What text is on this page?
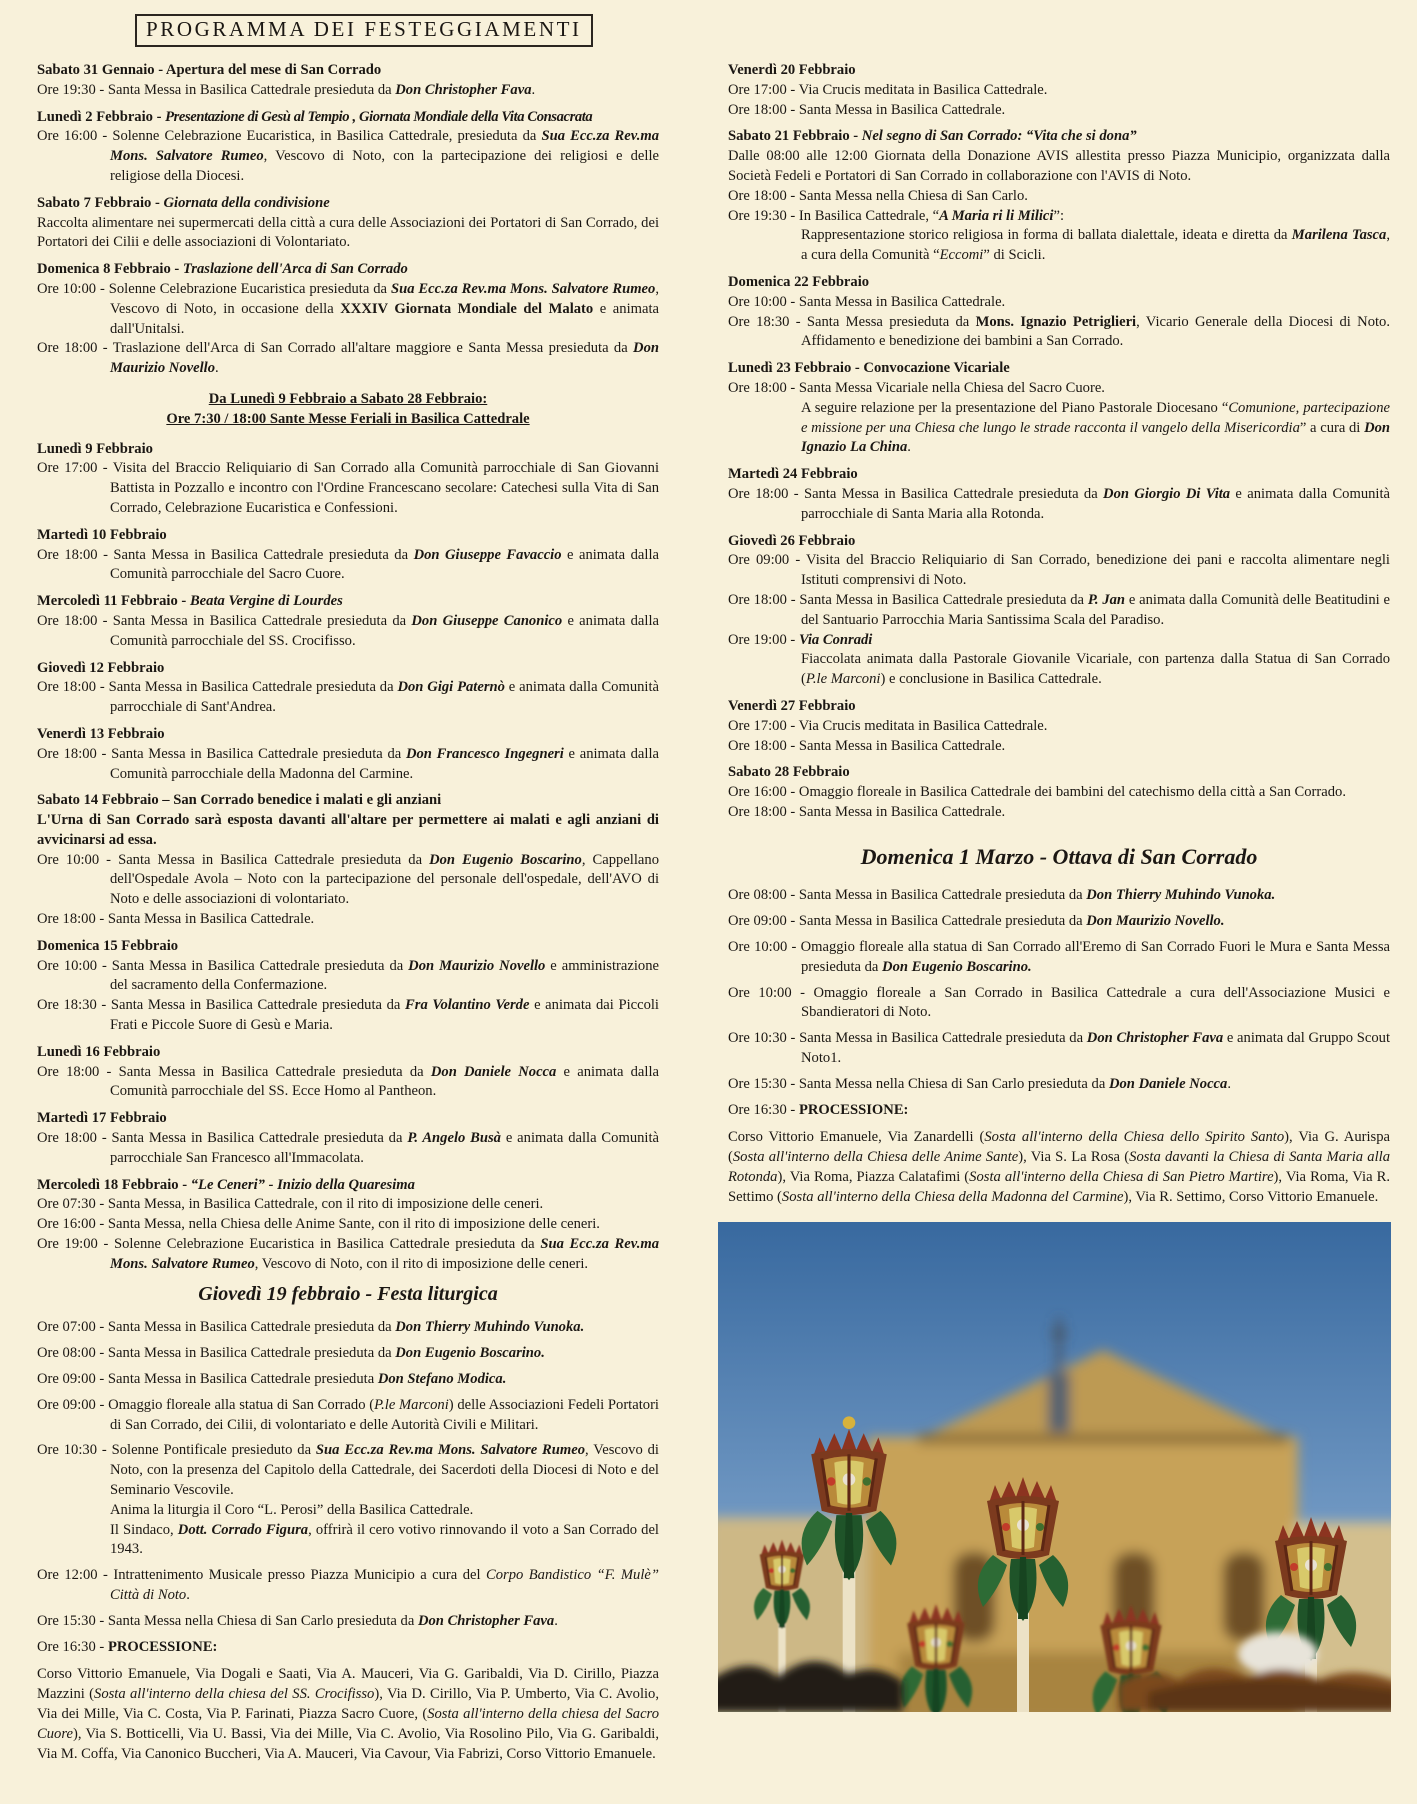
PROGRAMMA DEI FESTEGGIAMENTI
Sabato 31 Gennaio - Apertura del mese di San Corrado
Ore 19:30 - Santa Messa in Basilica Cattedrale presieduta da Don Christopher Fava.
Lunedì 2 Febbraio - Presentazione di Gesù al Tempio , Giornata Mondiale della Vita Consacrata
Ore 16:00 - Solenne Celebrazione Eucaristica, in Basilica Cattedrale, presieduta da Sua Ecc.za Rev.ma Mons. Salvatore Rumeo, Vescovo di Noto, con la partecipazione dei religiosi e delle religiose della Diocesi.
Sabato 7 Febbraio - Giornata della condivisione
Raccolta alimentare nei supermercati della città a cura delle Associazioni dei Portatori di San Corrado, dei Portatori dei Cilii e delle associazioni di Volontariato.
Domenica 8 Febbraio - Traslazione dell'Arca di San Corrado
Ore 10:00 - Solenne Celebrazione Eucaristica presieduta da Sua Ecc.za Rev.ma Mons. Salvatore Rumeo, Vescovo di Noto, in occasione della XXXIV Giornata Mondiale del Malato e animata dall'Unitalsi.
Ore 18:00 - Traslazione dell'Arca di San Corrado all'altare maggiore e Santa Messa presieduta da Don Maurizio Novello.
Da Lunedì 9 Febbraio a Sabato 28 Febbraio:
Ore 7:30 / 18:00 Sante Messe Feriali in Basilica Cattedrale
Lunedì 9 Febbraio
Ore 17:00 - Visita del Braccio Reliquiario di San Corrado alla Comunità parrocchiale di San Giovanni Battista in Pozzallo e incontro con l'Ordine Francescano secolare: Catechesi sulla Vita di San Corrado, Celebrazione Eucaristica e Confessioni.
Martedì 10 Febbraio
Ore 18:00 - Santa Messa in Basilica Cattedrale presieduta da Don Giuseppe Favaccio e animata dalla Comunità parrocchiale del Sacro Cuore.
Mercoledì 11 Febbraio - Beata Vergine di Lourdes
Ore 18:00 - Santa Messa in Basilica Cattedrale presieduta da Don Giuseppe Canonico e animata dalla Comunità parrocchiale del SS. Crocifisso.
Giovedì 12 Febbraio
Ore 18:00 - Santa Messa in Basilica Cattedrale presieduta da Don Gigi Paternò e animata dalla Comunità parrocchiale di Sant'Andrea.
Venerdì 13 Febbraio
Ore 18:00 - Santa Messa in Basilica Cattedrale presieduta da Don Francesco Ingegneri e animata dalla Comunità parrocchiale della Madonna del Carmine.
Sabato 14 Febbraio – San Corrado benedice i malati e gli anziani
L'Urna di San Corrado sarà esposta davanti all'altare per permettere ai malati e agli anziani di avvicinarsi ad essa.
Ore 10:00 - Santa Messa in Basilica Cattedrale presieduta da Don Eugenio Boscarino, Cappellano dell'Ospedale Avola – Noto con la partecipazione del personale dell'ospedale, dell'AVO di Noto e delle associazioni di volontariato.
Ore 18:00 - Santa Messa in Basilica Cattedrale.
Domenica 15 Febbraio
Ore 10:00 - Santa Messa in Basilica Cattedrale presieduta da Don Maurizio Novello e amministrazione del sacramento della Confermazione.
Ore 18:30 - Santa Messa in Basilica Cattedrale presieduta da Fra Volantino Verde e animata dai Piccoli Frati e Piccole Suore di Gesù e Maria.
Lunedì 16 Febbraio
Ore 18:00 - Santa Messa in Basilica Cattedrale presieduta da Don Daniele Nocca e animata dalla Comunità parrocchiale del SS. Ecce Homo al Pantheon.
Martedì 17 Febbraio
Ore 18:00 - Santa Messa in Basilica Cattedrale presieduta da P. Angelo Busà e animata dalla Comunità parrocchiale San Francesco all'Immacolata.
Mercoledì 18 Febbraio - “Le Ceneri” - Inizio della Quaresima
Ore 07:30 - Santa Messa, in Basilica Cattedrale, con il rito di imposizione delle ceneri.
Ore 16:00 - Santa Messa, nella Chiesa delle Anime Sante, con il rito di imposizione delle ceneri.
Ore 19:00 - Solenne Celebrazione Eucaristica in Basilica Cattedrale presieduta da Sua Ecc.za Rev.ma Mons. Salvatore Rumeo, Vescovo di Noto, con il rito di imposizione delle ceneri.
Giovedì 19 febbraio - Festa liturgica
Ore 07:00 - Santa Messa in Basilica Cattedrale presieduta da Don Thierry Muhindo Vunoka.
Ore 08:00 - Santa Messa in Basilica Cattedrale presieduta da Don Eugenio Boscarino.
Ore 09:00 - Santa Messa in Basilica Cattedrale presieduta Don Stefano Modica.
Ore 09:00 - Omaggio floreale alla statua di San Corrado (P.le Marconi) delle Associazioni Fedeli Portatori di San Corrado, dei Cilii, di volontariato e delle Autorità Civili e Militari.
Ore 10:30 - Solenne Pontificale presieduto da Sua Ecc.za Rev.ma Mons. Salvatore Rumeo, Vescovo di Noto, con la presenza del Capitolo della Cattedrale, dei Sacerdoti della Diocesi di Noto e del Seminario Vescovile.
Anima la liturgia il Coro “L. Perosi” della Basilica Cattedrale.
Il Sindaco, Dott. Corrado Figura, offrirà il cero votivo rinnovando il voto a San Corrado del 1943.
Ore 12:00 - Intrattenimento Musicale presso Piazza Municipio a cura del Corpo Bandistico “F. Mulè” Città di Noto.
Ore 15:30 - Santa Messa nella Chiesa di San Carlo presieduta da Don Christopher Fava.
Ore 16:30 - PROCESSIONE:
Corso Vittorio Emanuele, Via Dogali e Saati, Via A. Mauceri, Via G. Garibaldi, Via D. Cirillo, Piazza Mazzini (Sosta all'interno della chiesa del SS. Crocifisso), Via D. Cirillo, Via P. Umberto, Via C. Avolio, Via dei Mille, Via C. Costa, Via P. Farinati, Piazza Sacro Cuore, (Sosta all'interno della chiesa del Sacro Cuore), Via S. Botticelli, Via U. Bassi, Via dei Mille, Via C. Avolio, Via Rosolino Pilo, Via G. Garibaldi, Via M. Coffa, Via Canonico Buccheri, Via A. Mauceri, Via Cavour, Via Fabrizi, Corso Vittorio Emanuele.
Venerdì 20 Febbraio
Ore 17:00 - Via Crucis meditata in Basilica Cattedrale.
Ore 18:00 - Santa Messa in Basilica Cattedrale.
Sabato 21 Febbraio - Nel segno di San Corrado: “Vita che si dona”
Dalle 08:00 alle 12:00 Giornata della Donazione AVIS allestita presso Piazza Municipio, organizzata dalla Società Fedeli e Portatori di San Corrado in collaborazione con l'AVIS di Noto.
Ore 18:00 - Santa Messa nella Chiesa di San Carlo.
Ore 19:30 - In Basilica Cattedrale, “A Maria ri li Milici”:
Rappresentazione storico religiosa in forma di ballata dialettale, ideata e diretta da Marilena Tasca, a cura della Comunità “Eccomi” di Scicli.
Domenica 22 Febbraio
Ore 10:00 - Santa Messa in Basilica Cattedrale.
Ore 18:30 - Santa Messa presieduta da Mons. Ignazio Petriglieri, Vicario Generale della Diocesi di Noto. Affidamento e benedizione dei bambini a San Corrado.
Lunedì 23 Febbraio - Convocazione Vicariale
Ore 18:00 - Santa Messa Vicariale nella Chiesa del Sacro Cuore.
A seguire relazione per la presentazione del Piano Pastorale Diocesano “Comunione, partecipazione e missione per una Chiesa che lungo le strade racconta il vangelo della Misericordia” a cura di Don Ignazio La China.
Martedì 24 Febbraio
Ore 18:00 - Santa Messa in Basilica Cattedrale presieduta da Don Giorgio Di Vita e animata dalla Comunità parrocchiale di Santa Maria alla Rotonda.
Giovedì 26 Febbraio
Ore 09:00 - Visita del Braccio Reliquiario di San Corrado, benedizione dei pani e raccolta alimentare negli Istituti comprensivi di Noto.
Ore 18:00 - Santa Messa in Basilica Cattedrale presieduta da P. Jan e animata dalla Comunità delle Beatitudini e del Santuario Parrocchia Maria Santissima Scala del Paradiso.
Ore 19:00 - Via Conradi
Fiaccolata animata dalla Pastorale Giovanile Vicariale, con partenza dalla Statua di San Corrado (P.le Marconi) e conclusione in Basilica Cattedrale.
Venerdì 27 Febbraio
Ore 17:00 - Via Crucis meditata in Basilica Cattedrale.
Ore 18:00 - Santa Messa in Basilica Cattedrale.
Sabato 28 Febbraio
Ore 16:00 - Omaggio floreale in Basilica Cattedrale dei bambini del catechismo della città a San Corrado.
Ore 18:00 - Santa Messa in Basilica Cattedrale.
Domenica 1 Marzo - Ottava di San Corrado
Ore 08:00 - Santa Messa in Basilica Cattedrale presieduta da Don Thierry Muhindo Vunoka.
Ore 09:00 - Santa Messa in Basilica Cattedrale presieduta da Don Maurizio Novello.
Ore 10:00 - Omaggio floreale alla statua di San Corrado all'Eremo di San Corrado Fuori le Mura e Santa Messa presieduta da Don Eugenio Boscarino.
Ore 10:00 - Omaggio floreale a San Corrado in Basilica Cattedrale a cura dell'Associazione Musici e Sbandieratori di Noto.
Ore 10:30 - Santa Messa in Basilica Cattedrale presieduta da Don Christopher Fava e animata dal Gruppo Scout Noto1.
Ore 15:30 - Santa Messa nella Chiesa di San Carlo presieduta da Don Daniele Nocca.
Ore 16:30 - PROCESSIONE:
Corso Vittorio Emanuele, Via Zanardelli (Sosta all'interno della Chiesa dello Spirito Santo), Via G. Aurispa (Sosta all'interno della Chiesa delle Anime Sante), Via S. La Rosa (Sosta davanti la Chiesa di Santa Maria alla Rotonda), Via Roma, Piazza Calatafimi (Sosta all'interno della Chiesa di San Pietro Martire), Via Roma, Via R. Settimo (Sosta all'interno della Chiesa della Madonna del Carmine), Via R. Settimo, Corso Vittorio Emanuele.
